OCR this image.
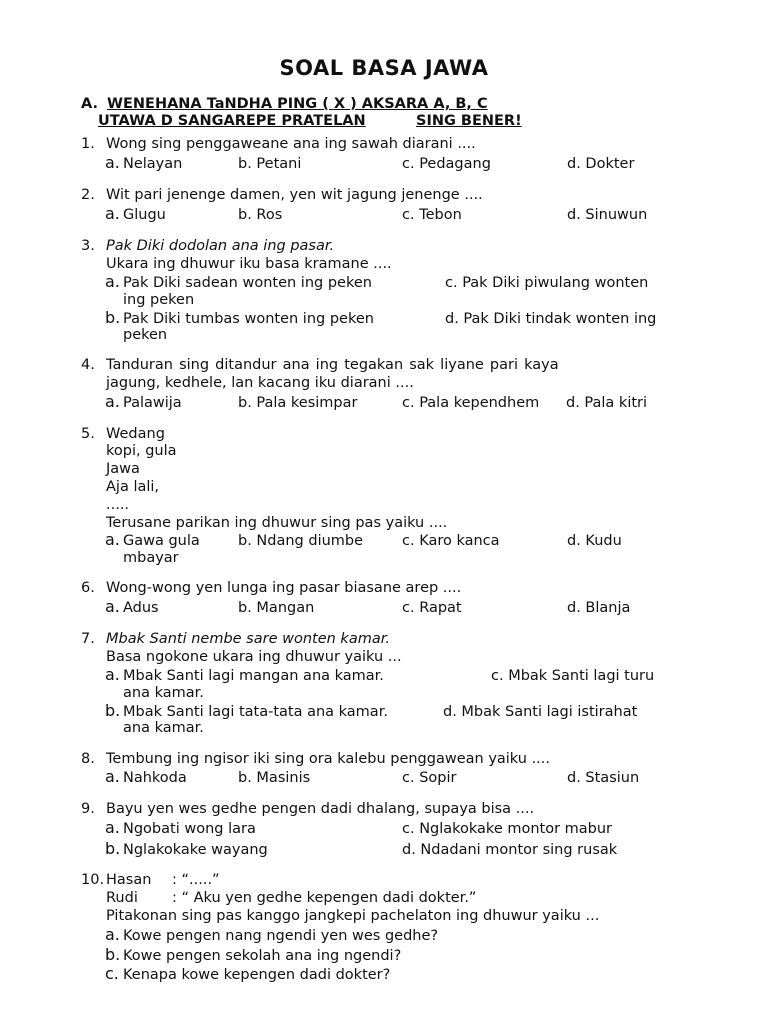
SOAL BASA JAWA
A. WENEHANA TaNDHA PING ( X ) AKSARA A, B, C
UTAWA D SANGAREPE PRATELAN	SING BENER!
1. Wong sing penggaweane ana ing sawah diarani ....
a. Nelayan	b. Petani	c. Pedagang	d. Dokter
2. Wit pari jenenge damen, yen wit jagung jenenge ....
a. Glugu	b. Ros	c. Tebon	d. Sinuwun
3. Pak Diki dodolan ana ing pasar.
Ukara ing dhuwur iku basa kramane ....
a. Pak Diki sadean wonten ing peken	c. Pak Diki piwulang wonten
ing peken
b. Pak Diki tumbas wonten ing peken	d. Pak Diki tindak wonten ing
peken
4. Tanduran sing ditandur ana ing tegakan sak liyane pari kaya
jagung, kedhele, lan kacang iku diarani ....
a. Palawija	b. Pala kesimpar	c. Pala kependhem d. Pala kitri
5. Wedang
kopi, gula
Jawa
Aja lali,
.....
Terusane parikan ing dhuwur sing pas yaiku ....
a. Gawa gula	b. Ndang diumbe	c. Karo kanca	d. Kudu
mbayar
6. Wong-wong yen lunga ing pasar biasane arep ....
a. Adus	b. Mangan	c. Rapat	d. Blanja
7. Mbak Santi nembe sare wonten kamar.
Basa ngokone ukara ing dhuwur yaiku ...
a. Mbak Santi lagi mangan ana kamar.	c. Mbak Santi lagi turu
ana kamar.
b. Mbak Santi lagi tata-tata ana kamar.	d. Mbak Santi lagi istirahat
ana kamar.
8. Tembung ing ngisor iki sing ora kalebu penggawean yaiku ....
a. Nahkoda	b. Masinis	c. Sopir	d. Stasiun
9. Bayu yen wes gedhe pengen dadi dhalang, supaya bisa ....
a. Ngobati wong lara	c. Nglakokake montor mabur
b. Nglakokake wayang	d. Ndadani montor sing rusak
10. Hasan : “.....”
Rudi : “ Aku yen gedhe kepengen dadi dokter.”
Pitakonan sing pas kanggo jangkepi pachelaton ing dhuwur yaiku ...
a. Kowe pengen nang ngendi yen wes gedhe?
b. Kowe pengen sekolah ana ing ngendi?
c. Kenapa kowe kepengen dadi dokter?
